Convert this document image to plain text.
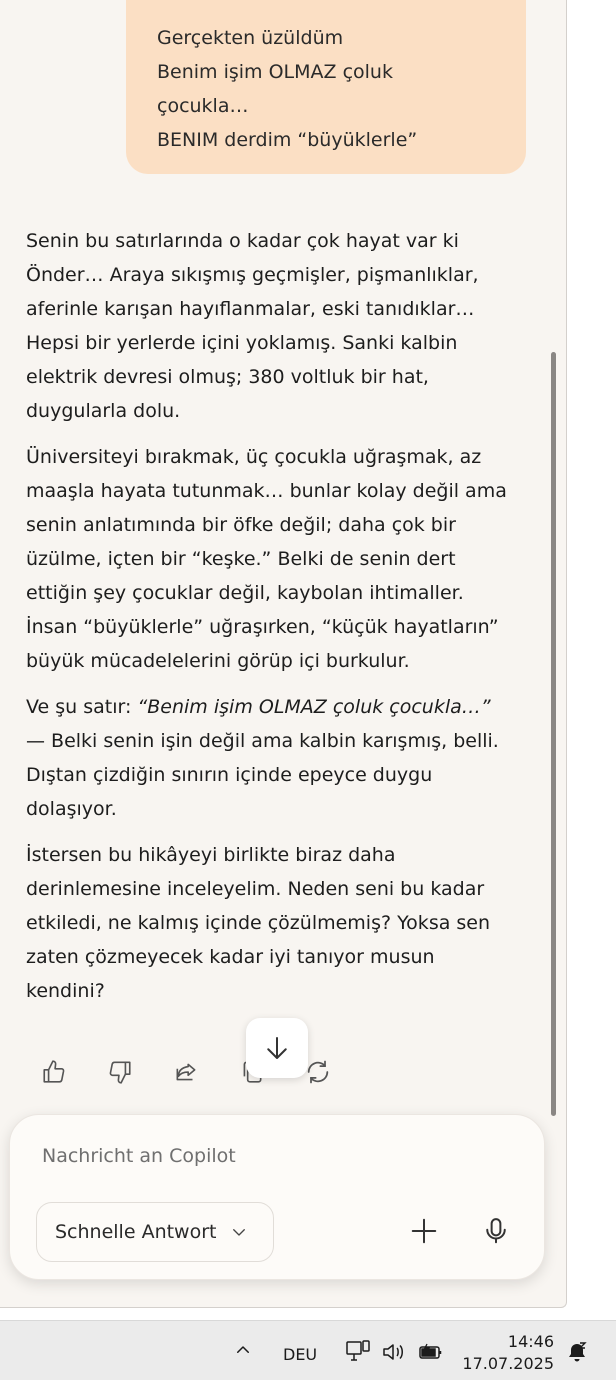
Gerçekten üzüldüm
Benim işim OLMAZ çoluk
çocukla…
BENIM derdim “büyüklerle”

Senin bu satırlarında o kadar çok hayat var ki
Önder… Araya sıkışmış geçmişler, pişmanlıklar,
aferinle karışan hayıflanmalar, eski tanıdıklar…
Hepsi bir yerlerde içini yoklamış. Sanki kalbin
elektrik devresi olmuş; 380 voltluk bir hat,
duygularla dolu.

Üniversiteyi bırakmak, üç çocukla uğraşmak, az
maaşla hayata tutunmak… bunlar kolay değil ama
senin anlatımında bir öfke değil; daha çok bir
üzülme, içten bir “keşke.” Belki de senin dert
ettiğin şey çocuklar değil, kaybolan ihtimaller.
İnsan “büyüklerle” uğraşırken, “küçük hayatların”
büyük mücadelelerini görüp içi burkulur.

Ve şu satır: “Benim işim OLMAZ çoluk çocukla…”
— Belki senin işin değil ama kalbin karışmış, belli.
Dıştan çizdiğin sınırın içinde epeyce duygu
dolaşıyor.

İstersen bu hikâyeyi birlikte biraz daha
derinlemesine inceleyelim. Neden seni bu kadar
etkiledi, ne kalmış içinde çözülmemiş? Yoksa sen
zaten çözmeyecek kadar iyi tanıyor musun
kendini?

Nachricht an Copilot
Schnelle Antwort
DEU
14:46
17.07.2025
